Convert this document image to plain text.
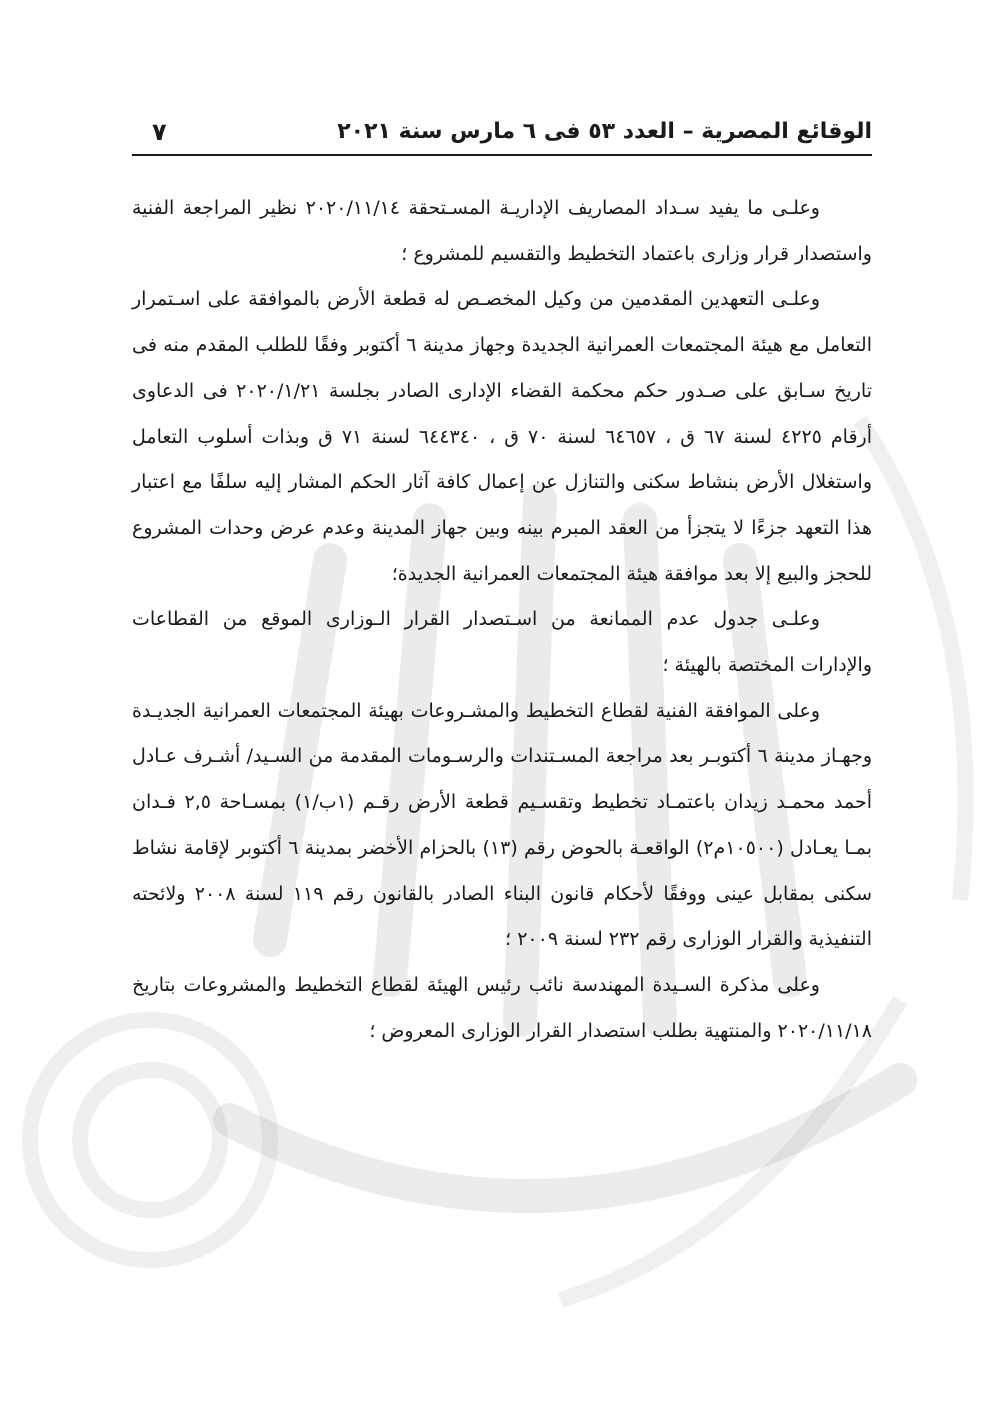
الوقائع المصرية – العدد ٥٣ فى ٦ مارس سنة ٢٠٢١
٧

وعلـى ما يفيد سـداد المصاريف الإداريـة المسـتحقة ٢٠٢٠/١١/١٤ نظير المراجعة الفنية واستصدار قرار وزارى باعتماد التخطيط والتقسيم للمشروع ؛

وعلـى التعهدين المقدمين من وكيل المخصـص له قطعة الأرض بالموافقة على اسـتمرار التعامل مع هيئة المجتمعات العمرانية الجديدة وجهاز مدينة ٦ أكتوبر وفقًا للطلب المقدم منه فى تاريخ سـابق على صـدور حكم محكمة القضاء الإدارى الصادر بجلسة ٢٠٢٠/١/٢١ فى الدعاوى أرقام ٤٢٢٥ لسنة ٦٧ ق ، ٦٤٦٥٧ لسنة ٧٠ ق ، ٦٤٤٣٤٠ لسنة ٧١ ق وبذات أسلوب التعامل واستغلال الأرض بنشاط سكنى والتنازل عن إعمال كافة آثار الحكم المشار إليه سلفًا مع اعتبار هذا التعهد جزءًا لا يتجزأ من العقد المبرم بينه وبين جهاز المدينة وعدم عرض وحدات المشروع للحجز والبيع إلا بعد موافقة هيئة المجتمعات العمرانية الجديدة؛

وعلـى جدول عدم الممانعة من اسـتصدار القرار الـوزارى الموقع من القطاعات والإدارات المختصة بالهيئة ؛

وعلى الموافقة الفنية لقطاع التخطيط والمشـروعات بهيئة المجتمعات العمرانية الجديـدة وجهـاز مدينة ٦ أكتوبـر بعد مراجعة المسـتندات والرسـومات المقدمة من السـيد/ أشـرف عـادل أحمد محمـد زيدان باعتمـاد تخطيط وتقسـيم قطعة الأرض رقـم (١ب/١) بمسـاحة ٢,٥ فـدان بمـا يعـادل (١٠٥٠٠م٢) الواقعـة بالحوض رقم (١٣) بالحزام الأخضر بمدينة ٦ أكتوبر لإقامة نشاط سكنى بمقابل عينى ووفقًا لأحكام قانون البناء الصادر بالقانون رقم ١١٩ لسنة ٢٠٠٨ ولائحته التنفيذية والقرار الوزارى رقم ٢٣٢ لسنة ٢٠٠٩ ؛

وعلى مذكرة السـيدة المهندسة نائب رئيس الهيئة لقطاع التخطيط والمشروعات بتاريخ ٢٠٢٠/١١/١٨ والمنتهية بطلب استصدار القرار الوزارى المعروض ؛
